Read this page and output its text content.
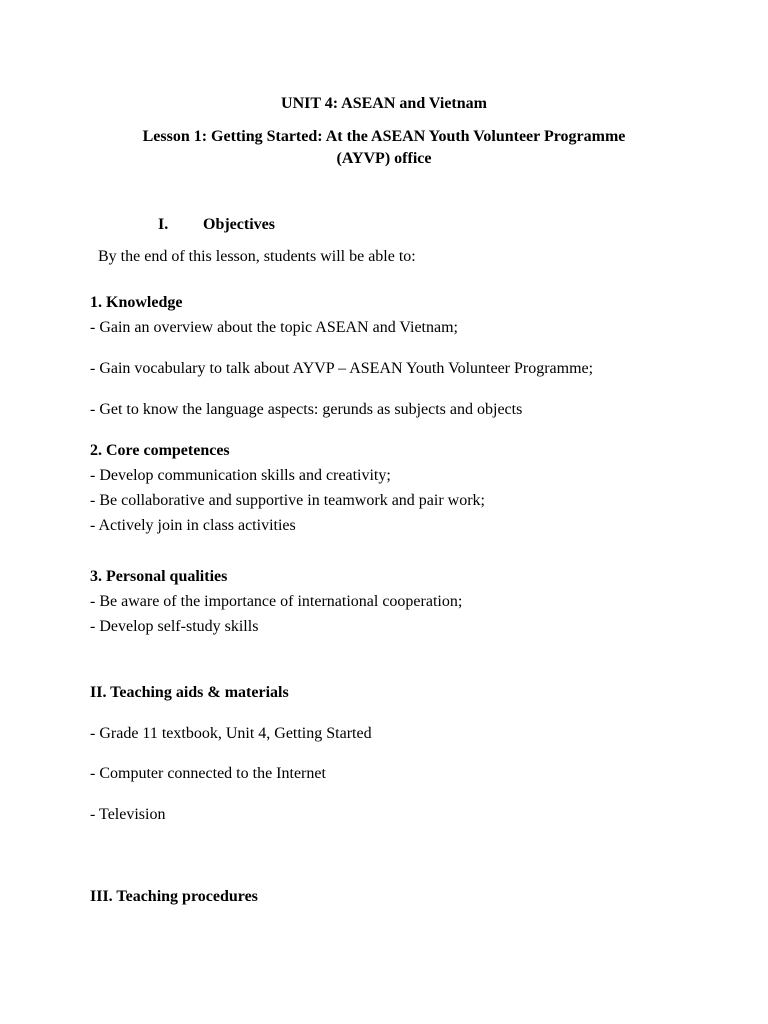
UNIT 4: ASEAN and Vietnam
Lesson 1: Getting Started: At the ASEAN Youth Volunteer Programme
(AYVP) office
I. Objectives
By the end of this lesson, students will be able to:
1. Knowledge
- Gain an overview about the topic ASEAN and Vietnam;
- Gain vocabulary to talk about AYVP – ASEAN Youth Volunteer Programme;
- Get to know the language aspects: gerunds as subjects and objects
2. Core competences
- Develop communication skills and creativity;
- Be collaborative and supportive in teamwork and pair work;
- Actively join in class activities
3. Personal qualities
- Be aware of the importance of international cooperation;
- Develop self-study skills
II. Teaching aids & materials
- Grade 11 textbook, Unit 4, Getting Started
- Computer connected to the Internet
- Television
III. Teaching procedures
